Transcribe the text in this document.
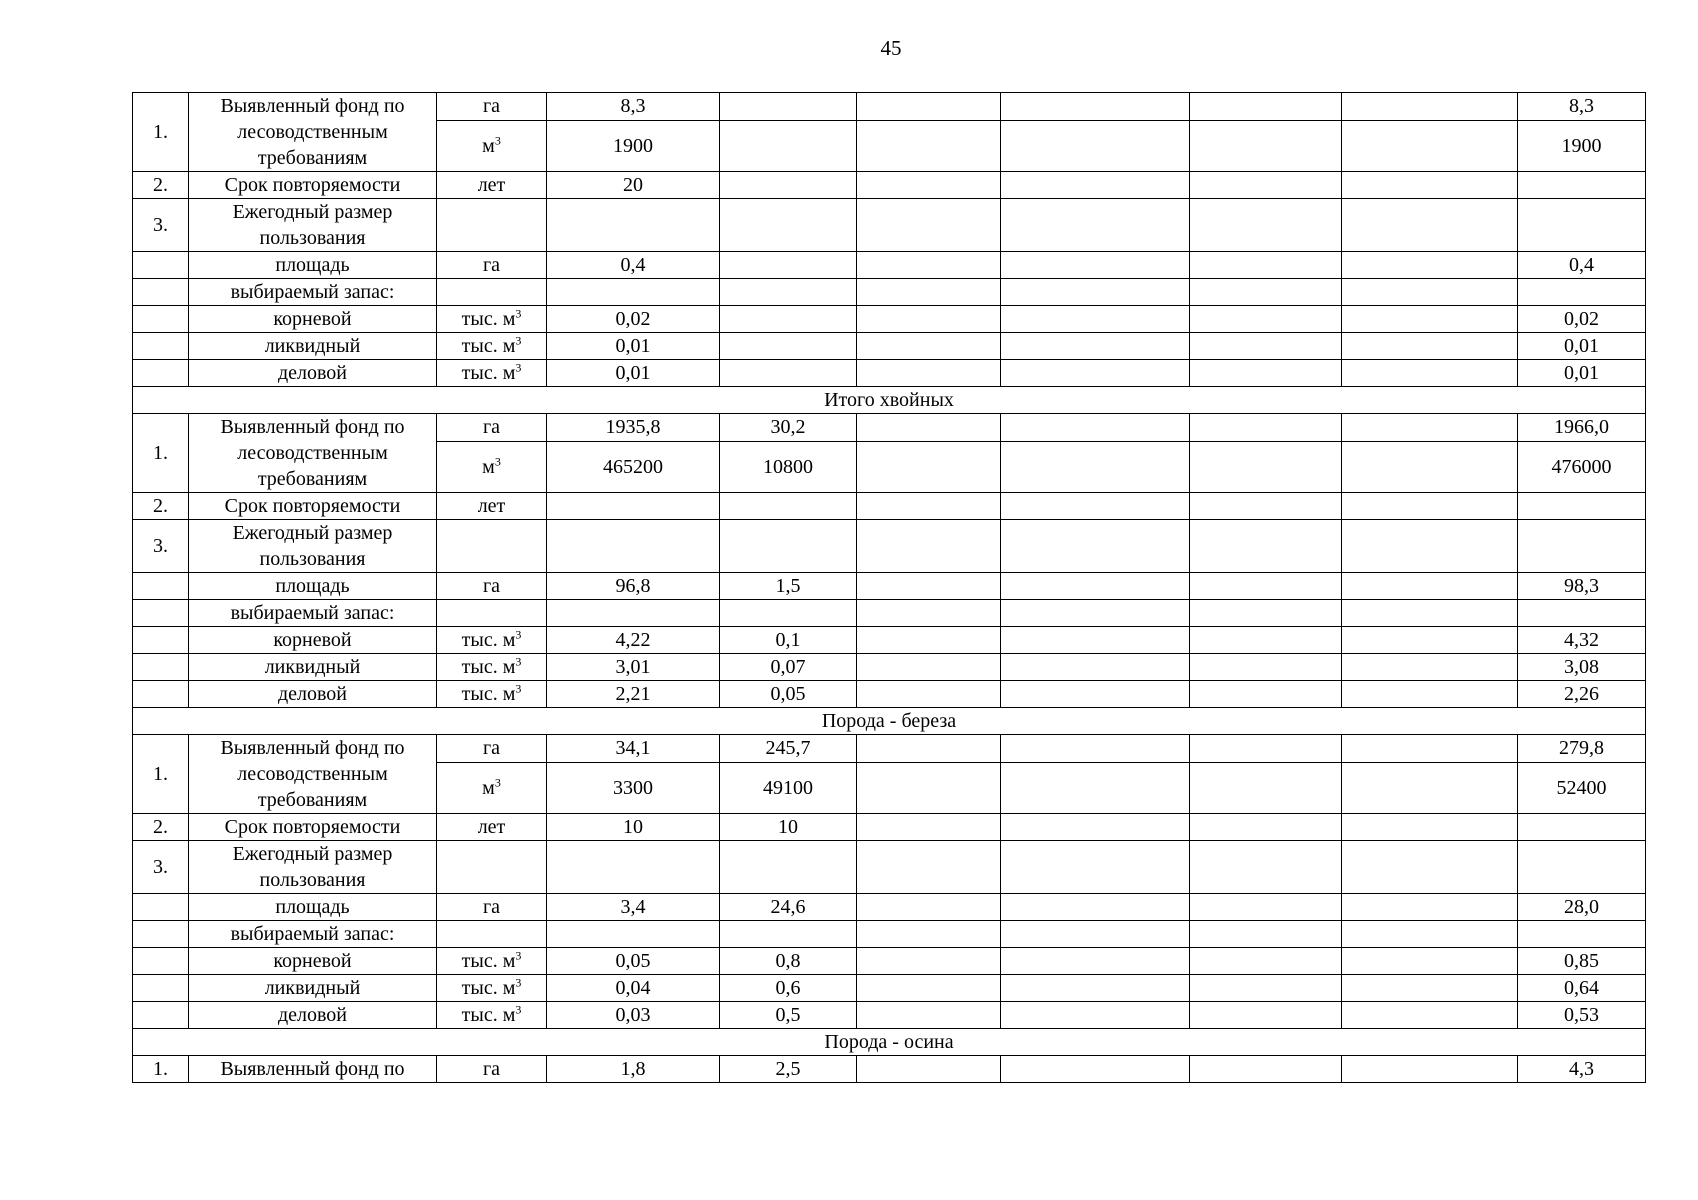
45
1.	Выявленный фонд по лесоводственным требованиям	га	8,3						8,3
		$м^3$	1900						1900
2.	Срок повторяемости	лет	20						
3.	Ежегодный размер пользования								
	площадь	га	0,4						0,4
	выбираемый запас:								
	корневой	тыс. $м^3$	0,02						0,02
	ликвидный	тыс. $м^3$	0,01						0,01
	деловой	тыс. $м^3$	0,01						0,01
Итого хвойных									
1.	Выявленный фонд по лесоводственным требованиям	га	1935,8	30,2					1966,0
		$м^3$	465200	10800					476000
2.	Срок повторяемости	лет							
3.	Ежегодный размер пользования								
	площадь	га	96,8	1,5					98,3
	выбираемый запас:								
	корневой	тыс. $м^3$	4,22	0,1					4,32
	ликвидный	тыс. $м^3$	3,01	0,07					3,08
	деловой	тыс. $м^3$	2,21	0,05					2,26
Порода - береза									
1.	Выявленный фонд по лесоводственным требованиям	га	34,1	245,7					279,8
		$м^3$	3300	49100					52400
2.	Срок повторяемости	лет	10	10					
3.	Ежегодный размер пользования								
	площадь	га	3,4	24,6					28,0
	выбираемый запас:								
	корневой	тыс. $м^3$	0,05	0,8					0,85
	ликвидный	тыс. $м^3$	0,04	0,6					0,64
	деловой	тыс. $м^3$	0,03	0,5					0,53
Порода - осина									
1.	Выявленный фонд по	га	1,8	2,5					4,3
